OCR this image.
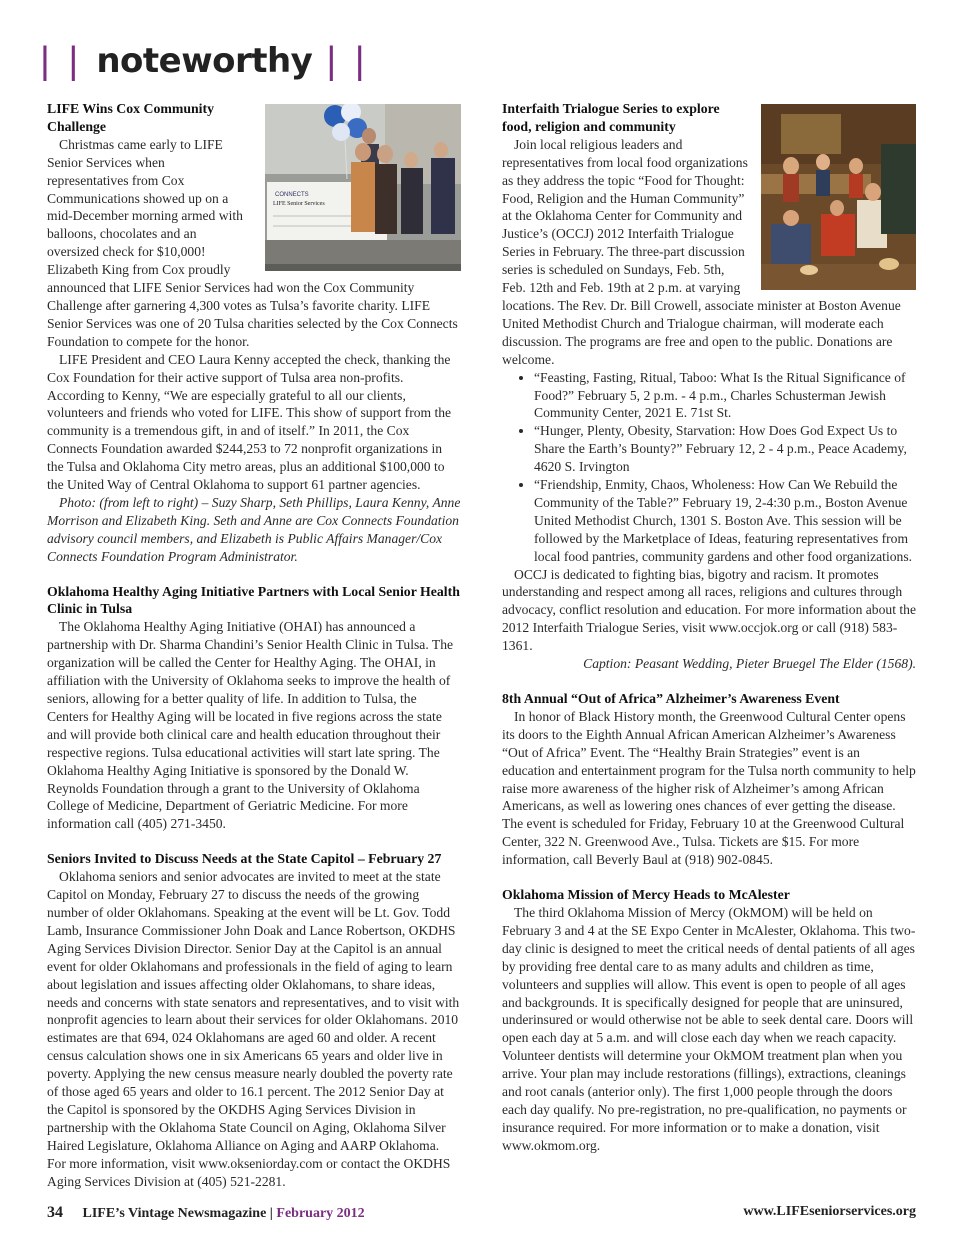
| | noteworthy | |
CONNECTS
LIFE Senior Services
LIFE Wins Cox Community Challenge

Christmas came early to LIFE Senior Services when representatives from Cox Communications showed up on a mid-December morning armed with balloons, chocolates and an oversized check for $10,000! Elizabeth King from Cox proudly announced that LIFE Senior Services had won the Cox Community Challenge after garnering 4,300 votes as Tulsa’s favorite charity. LIFE Senior Services was one of 20 Tulsa charities selected by the Cox Connects Foundation to compete for the honor.

LIFE President and CEO Laura Kenny accepted the check, thanking the Cox Foundation for their active support of Tulsa area non-profits. According to Kenny, “We are especially grateful to all our clients, volunteers and friends who voted for LIFE. This show of support from the community is a tremendous gift, in and of itself.” In 2011, the Cox Connects Foundation awarded $244,253 to 72 nonprofit organizations in the Tulsa and Oklahoma City metro areas, plus an additional $100,000 to the United Way of Central Oklahoma to support 61 partner agencies.

Photo: (from left to right) – Suzy Sharp, Seth Phillips, Laura Kenny, Anne Morrison and Elizabeth King. Seth and Anne are Cox Connects Foundation advisory council members, and Elizabeth is Public Affairs Manager/Cox Connects Foundation Program Administrator.

Oklahoma Healthy Aging Initiative Partners with Local Senior Health Clinic in Tulsa

The Oklahoma Healthy Aging Initiative (OHAI) has announced a partnership with Dr. Sharma Chandini’s Senior Health Clinic in Tulsa. The organization will be called the Center for Healthy Aging. The OHAI, in affiliation with the University of Oklahoma seeks to improve the health of seniors, allowing for a better quality of life. In addition to Tulsa, the Centers for Healthy Aging will be located in five regions across the state and will provide both clinical care and health education throughout their respective regions. Tulsa educational activities will start late spring. The Oklahoma Healthy Aging Initiative is sponsored by the Donald W. Reynolds Foundation through a grant to the University of Oklahoma College of Medicine, Department of Geriatric Medicine. For more information call (405) 271-3450.

Seniors Invited to Discuss Needs at the State Capitol – February 27

Oklahoma seniors and senior advocates are invited to meet at the state Capitol on Monday, February 27 to discuss the needs of the growing number of older Oklahomans. Speaking at the event will be Lt. Gov. Todd Lamb, Insurance Commissioner John Doak and Lance Robertson, OKDHS Aging Services Division Director. Senior Day at the Capitol is an annual event for older Oklahomans and professionals in the field of aging to learn about legislation and issues affecting older Oklahomans, to share ideas, needs and concerns with state senators and representatives, and to visit with nonprofit agencies to learn about their services for older Oklahomans. 2010 estimates are that 694, 024 Oklahomans are aged 60 and older. A recent census calculation shows one in six Americans 65 years and older live in poverty. Applying the new census measure nearly doubled the poverty rate of those aged 65 years and older to 16.1 percent. The 2012 Senior Day at the Capitol is sponsored by the OKDHS Aging Services Division in partnership with the Oklahoma State Council on Aging, Oklahoma Silver Haired Legislature, Oklahoma Alliance on Aging and AARP Oklahoma. For more information, visit www.okseniorday.com or contact the OKDHS Aging Services Division at (405) 521-2281.

Interfaith Trialogue Series to explore food, religion and community

Join local religious leaders and representatives from local food organizations as they address the topic “Food for Thought: Food, Religion and the Human Community” at the Oklahoma Center for Community and Justice’s (OCCJ) 2012 Interfaith Trialogue Series in February. The three-part discussion series is scheduled on Sundays, Feb. 5th, Feb. 12th and Feb. 19th at 2 p.m. at varying locations. The Rev. Dr. Bill Crowell, associate minister at Boston Avenue United Methodist Church and Trialogue chairman, will moderate each discussion. The programs are free and open to the public. Donations are welcome.

• “Feasting, Fasting, Ritual, Taboo: What Is the Ritual Significance of Food?” February 5, 2 p.m. - 4 p.m., Charles Schusterman Jewish Community Center, 2021 E. 71st St.
• “Hunger, Plenty, Obesity, Starvation: How Does God Expect Us to Share the Earth’s Bounty?” February 12, 2 - 4 p.m., Peace Academy, 4620 S. Irvington
• “Friendship, Enmity, Chaos, Wholeness: How Can We Rebuild the Community of the Table?” February 19, 2-4:30 p.m., Boston Avenue United Methodist Church, 1301 S. Boston Ave. This session will be followed by the Marketplace of Ideas, featuring representatives from local food pantries, community gardens and other food organizations.

OCCJ is dedicated to fighting bias, bigotry and racism. It promotes understanding and respect among all races, religions and cultures through advocacy, conflict resolution and education. For more information about the 2012 Interfaith Trialogue Series, visit www.occjok.org or call (918) 583-1361.

Caption: Peasant Wedding, Pieter Bruegel The Elder (1568).

8th Annual “Out of Africa” Alzheimer’s Awareness Event

In honor of Black History month, the Greenwood Cultural Center opens its doors to the Eighth Annual African American Alzheimer’s Awareness “Out of Africa” Event. The “Healthy Brain Strategies” event is an education and entertainment program for the Tulsa north community to help raise more awareness of the higher risk of Alzheimer’s among African Americans, as well as lowering ones chances of ever getting the disease. The event is scheduled for Friday, February 10 at the Greenwood Cultural Center, 322 N. Greenwood Ave., Tulsa. Tickets are $15. For more information, call Beverly Baul at (918) 902-0845.

Oklahoma Mission of Mercy Heads to McAlester

The third Oklahoma Mission of Mercy (OkMOM) will be held on February 3 and 4 at the SE Expo Center in McAlester, Oklahoma. This two-day clinic is designed to meet the critical needs of dental patients of all ages by providing free dental care to as many adults and children as time, volunteers and supplies will allow. This event is open to people of all ages and backgrounds. It is specifically designed for people that are uninsured, underinsured or would otherwise not be able to seek dental care. Doors will open each day at 5 a.m. and will close each day when we reach capacity. Volunteer dentists will determine your OkMOM treatment plan when you arrive. Your plan may include restorations (fillings), extractions, cleanings and root canals (anterior only). The first 1,000 people through the doors each day qualify. No pre-registration, no pre-qualification, no payments or insurance required. For more information or to make a donation, visit www.okmom.org.

34 LIFE’s Vintage Newsmagazine | February 2012	www.LIFEseniorservices.org
